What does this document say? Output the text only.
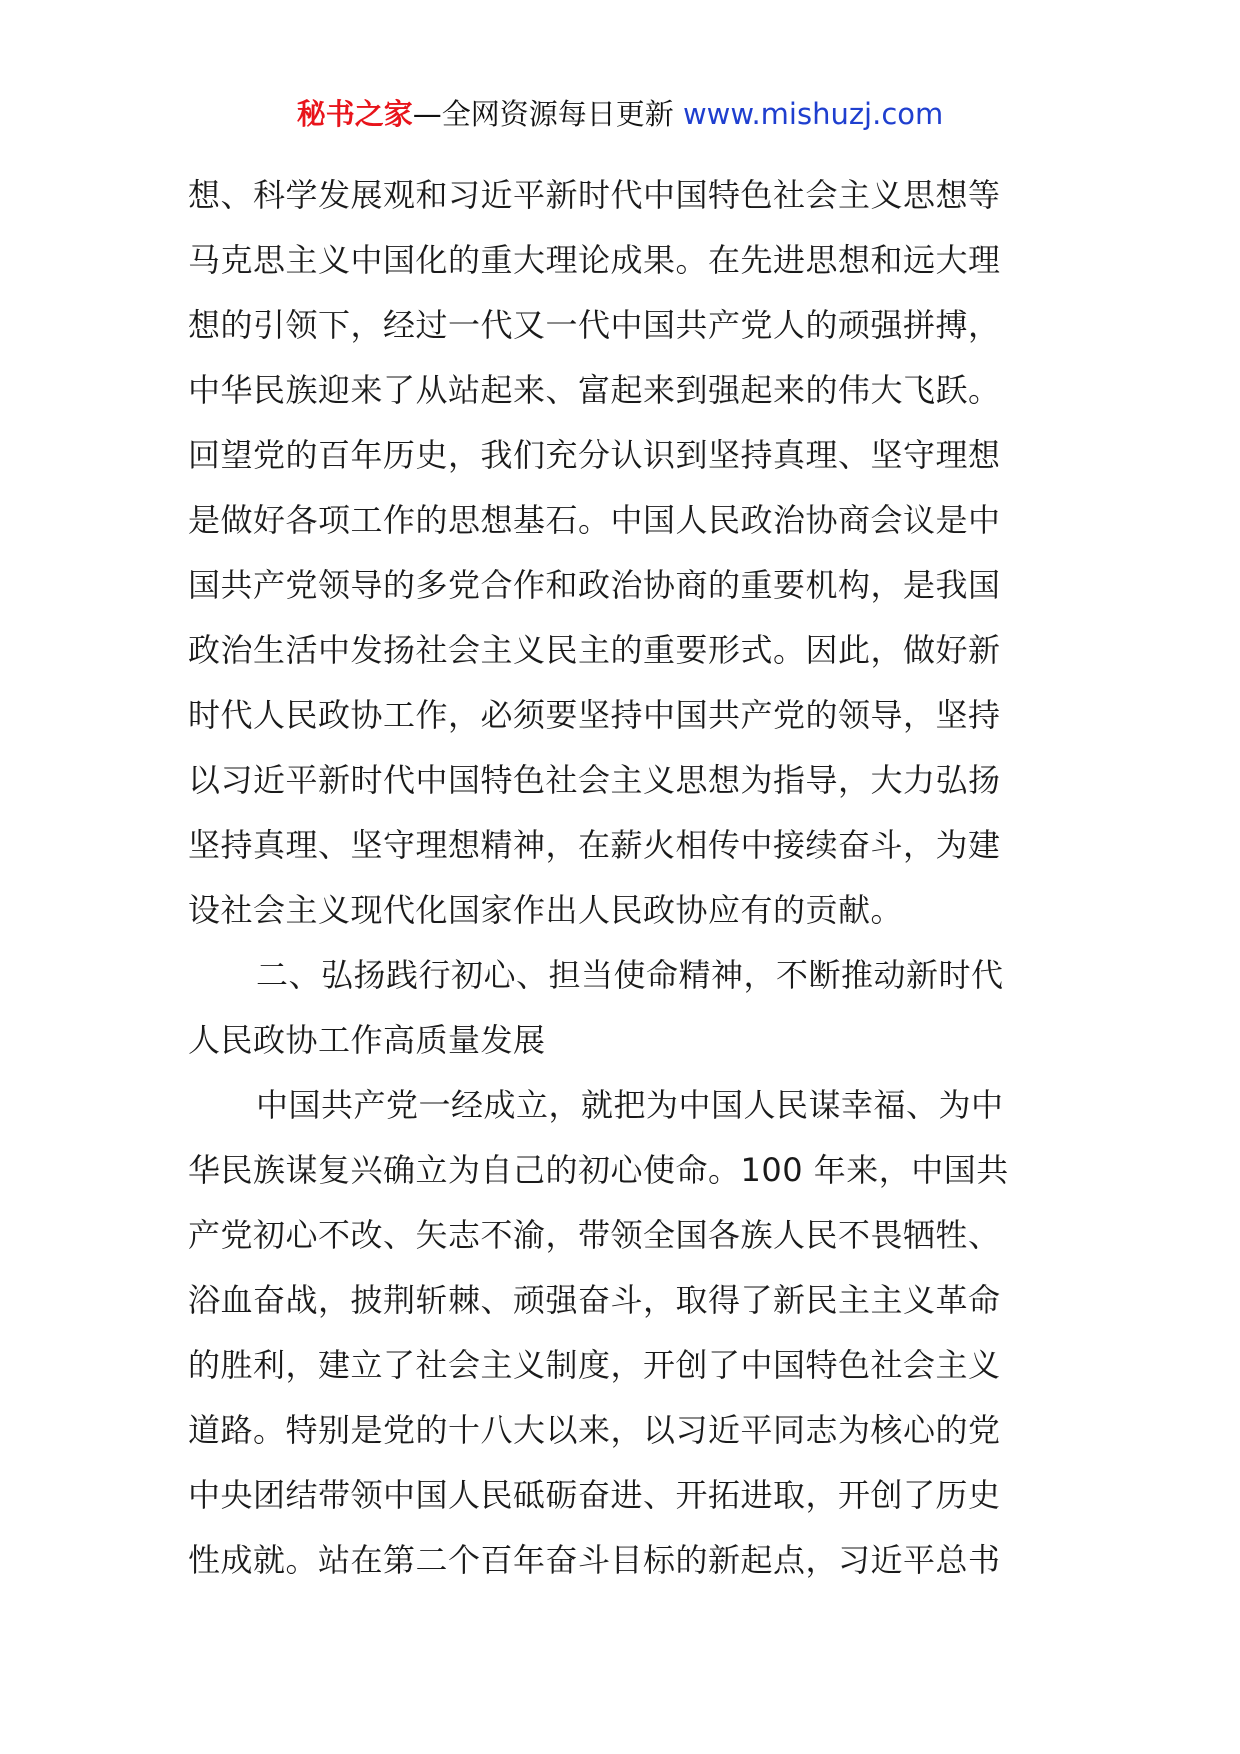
秘书之家—全网资源每日更新 www.mishuzj.com
想、科学发展观和习近平新时代中国特色社会主义思想等
马克思主义中国化的重大理论成果。在先进思想和远大理
想的引领下，经过一代又一代中国共产党人的顽强拼搏，
中华民族迎来了从站起来、富起来到强起来的伟大飞跃。
回望党的百年历史，我们充分认识到坚持真理、坚守理想
是做好各项工作的思想基石。中国人民政治协商会议是中
国共产党领导的多党合作和政治协商的重要机构，是我国
政治生活中发扬社会主义民主的重要形式。因此，做好新
时代人民政协工作，必须要坚持中国共产党的领导，坚持
以习近平新时代中国特色社会主义思想为指导，大力弘扬
坚持真理、坚守理想精神，在薪火相传中接续奋斗，为建
设社会主义现代化国家作出人民政协应有的贡献。
二、弘扬践行初心、担当使命精神，不断推动新时代
人民政协工作高质量发展
中国共产党一经成立，就把为中国人民谋幸福、为中
华民族谋复兴确立为自己的初心使命。100 年来，中国共
产党初心不改、矢志不渝，带领全国各族人民不畏牺牲、
浴血奋战，披荆斩棘、顽强奋斗，取得了新民主主义革命
的胜利，建立了社会主义制度，开创了中国特色社会主义
道路。特别是党的十八大以来，以习近平同志为核心的党
中央团结带领中国人民砥砺奋进、开拓进取，开创了历史
性成就。站在第二个百年奋斗目标的新起点，习近平总书
